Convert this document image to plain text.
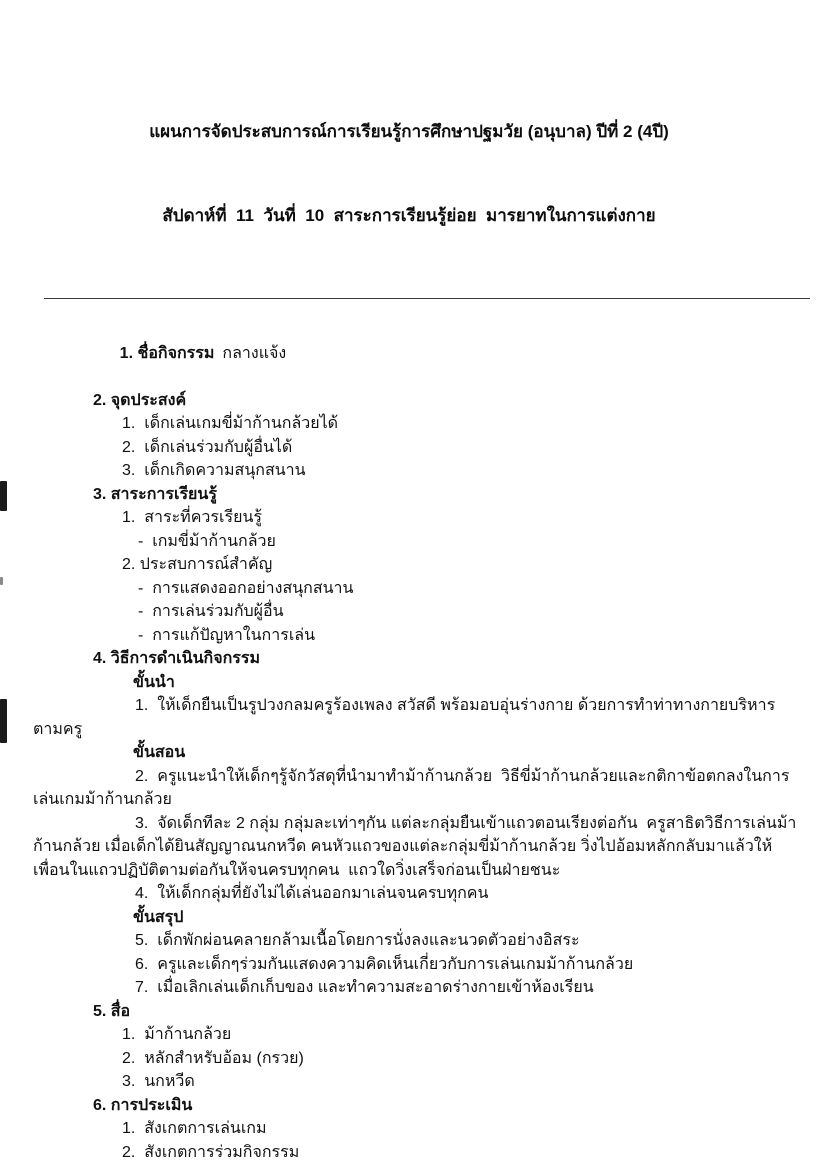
แผนการจัดประสบการณ์การเรียนรู้การศึกษาปฐมวัย (อนุบาล) ปีที่ 2 (4ปี)

สัปดาห์ที่  11  วันที่  10  สาระการเรียนรู้ย่อย  มารยาทในการแต่งกาย

1. ชื่อกิจกรรม กลางแจ้ง

2. จุดประสงค์
1.  เด็กเล่นเกมขี่ม้าก้านกล้วยได้
2.  เด็กเล่นร่วมกับผู้อื่นได้
3.  เด็กเกิดความสนุกสนาน
3. สาระการเรียนรู้
1.  สาระที่ควรเรียนรู้
-  เกมขี่ม้าก้านกล้วย
2. ประสบการณ์สำคัญ
-  การแสดงออกอย่างสนุกสนาน
-  การเล่นร่วมกับผู้อื่น
-  การแก้ปัญหาในการเล่น
4. วิธีการดำเนินกิจกรรม
ขั้นนำ

1.  ให้เด็กยืนเป็นรูปวงกลมครูร้องเพลง สวัสดี พร้อมอบอุ่นร่างกาย ด้วยการทำท่าทางกายบริหารตามครู

ขั้นสอน

2.  ครูแนะนำให้เด็กๆรู้จักวัสดุที่นำมาทำม้าก้านกล้วย  วิธีขี่ม้าก้านกล้วยและกติกาข้อตกลงในการเล่นเกมม้าก้านกล้วย

3.  จัดเด็กทีละ 2 กลุ่ม กลุ่มละเท่าๆกัน แต่ละกลุ่มยืนเข้าแถวตอนเรียงต่อกัน  ครูสาธิตวิธีการเล่นม้าก้านกล้วย เมื่อเด็กได้ยินสัญญาณนกหวีด คนหัวแถวของแต่ละกลุ่มขี่ม้าก้านกล้วย วิ่งไปอ้อมหลักกลับมาแล้วให้เพื่อนในแถวปฏิบัติตามต่อกันให้จนครบทุกคน  แถวใดวิ่งเสร็จก่อนเป็นฝ่ายชนะ

4.  ให้เด็กกลุ่มที่ยังไม่ได้เล่นออกมาเล่นจนครบทุกคน

ขั้นสรุป

5.  เด็กพักผ่อนคลายกล้ามเนื้อโดยการนั่งลงและนวดตัวอย่างอิสระ

6.  ครูและเด็กๆร่วมกันแสดงความคิดเห็นเกี่ยวกับการเล่นเกมม้าก้านกล้วย

7.  เมื่อเลิกเล่นเด็กเก็บของ และทำความสะอาดร่างกายเข้าห้องเรียน

5. สื่อ
1.  ม้าก้านกล้วย
2.  หลักสำหรับอ้อม (กรวย)
3.  นกหวีด
6. การประเมิน
1.  สังเกตการเล่นเกม
2.  สังเกตการร่วมกิจกรรม
